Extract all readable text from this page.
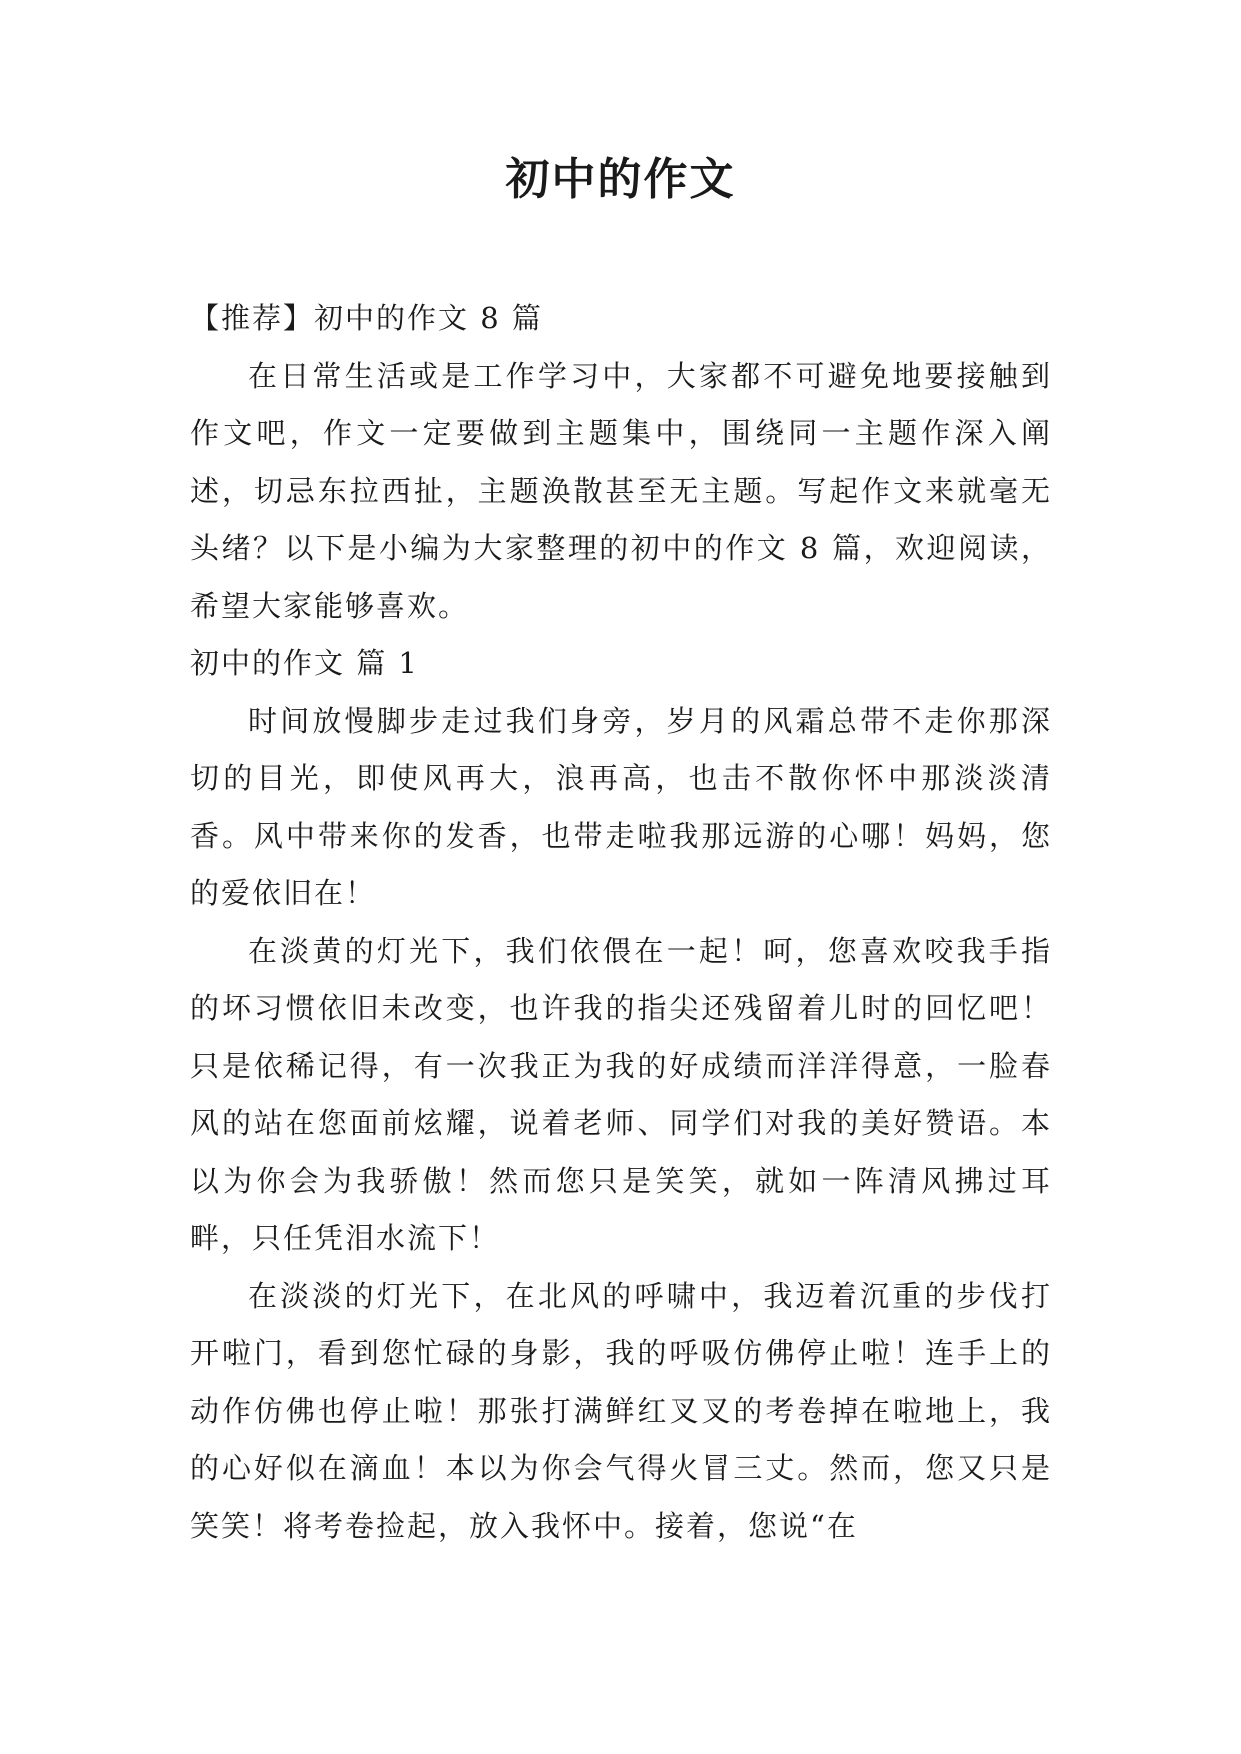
初中的作文

【推荐】初中的作文 8 篇

在日常生活或是工作学习中，大家都不可避免地要接触到作文吧，作文一定要做到主题集中，围绕同一主题作深入阐述，切忌东拉西扯，主题涣散甚至无主题。写起作文来就毫无头绪？以下是小编为大家整理的初中的作文 8 篇，欢迎阅读，希望大家能够喜欢。

初中的作文 篇 1

时间放慢脚步走过我们身旁，岁月的风霜总带不走你那深切的目光，即使风再大，浪再高，也击不散你怀中那淡淡清香。风中带来你的发香，也带走啦我那远游的心哪！妈妈，您的爱依旧在！

在淡黄的灯光下，我们依偎在一起！呵，您喜欢咬我手指的坏习惯依旧未改变，也许我的指尖还残留着儿时的回忆吧！只是依稀记得，有一次我正为我的好成绩而洋洋得意，一脸春风的站在您面前炫耀，说着老师、同学们对我的美好赞语。本以为你会为我骄傲！然而您只是笑笑，就如一阵清风拂过耳畔，只任凭泪水流下！

在淡淡的灯光下，在北风的呼啸中，我迈着沉重的步伐打开啦门，看到您忙碌的身影，我的呼吸仿佛停止啦！连手上的动作仿佛也停止啦！那张打满鲜红叉叉的考卷掉在啦地上，我的心好似在滴血！本以为你会气得火冒三丈。然而，您又只是笑笑！将考卷捡起，放入我怀中。接着，您说“在
